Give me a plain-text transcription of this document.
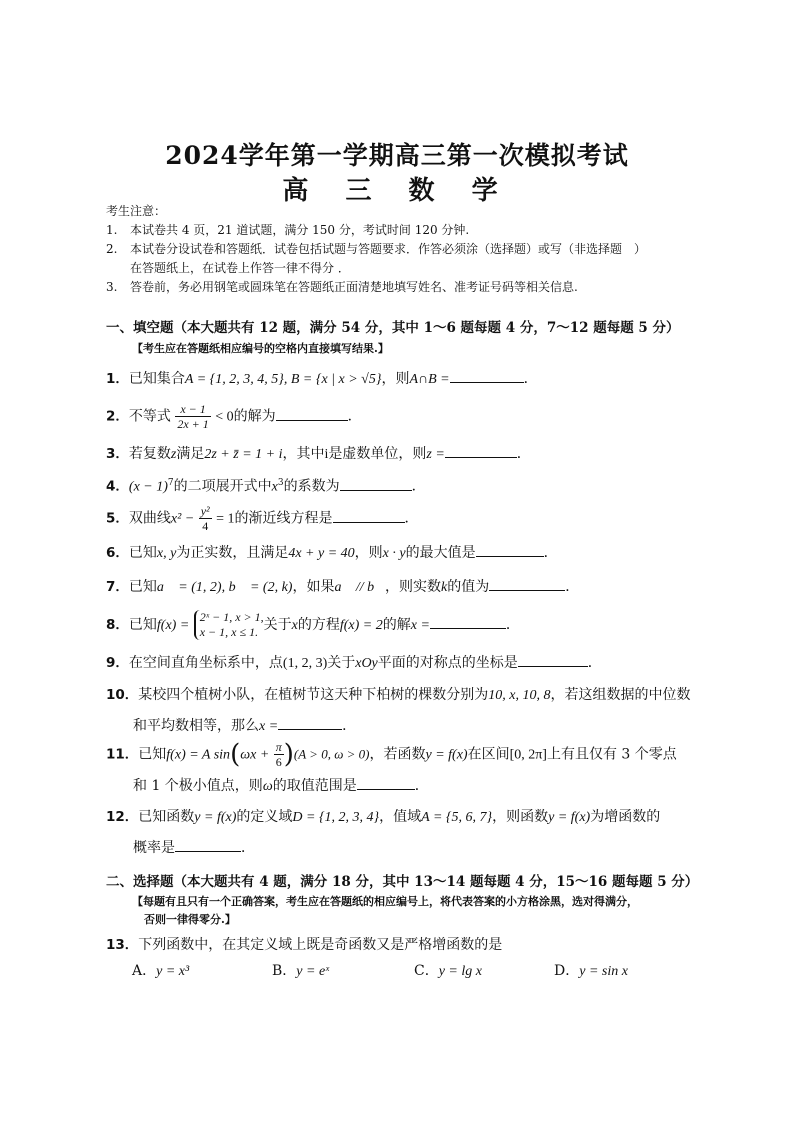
2024学年第一学期高三第一次模拟考试
高 三 数 学
考生注意：
1.	本试卷共 4 页，21 道试题，满分 150 分，考试时间 120 分钟.
2.	本试卷分设试卷和答题纸．试卷包括试题与答题要求．作答必须涂（选择题）或写（非选择题　）
在答题纸上，在试卷上作答一律不得分 ．
3.	答卷前，务必用钢笔或圆珠笔在答题纸正面清楚地填写姓名、准考证号码等相关信息.
一、填空题（本大题共有 12 题，满分 54 分，其中 1～6 题每题 4 分，7～12 题每题 5 分）
【考生应在答题纸相应编号的空格内直接填写结果.】
1．已知集合A = {1, 2, 3, 4, 5}, B = {x | x > √5}，则A∩B =	．
2．不等式 $\frac{x - 1}{2x + 1} < 0$的解为	．
3．若复数z满足2z + z̄ = 1 + i，其中i是虚数单位，则z =	．
4．$(x - 1)^7$的二项展开式中$x^3$的系数为	．
5．双曲线$x^2 - \frac{\text{y²}}{4} = 1$的渐近线方程是	．
6．已知x, y为正实数，且满足4x + y = 40，则x · y的最大值是	．
7．已知a⃗ = (1, 2), b⃗ = (2, k)，如果a⃗ // b⃗，则实数k的值为	．
8．已知f(x) =
2ˣ − 1, x > 1,
x − 1, x ≤ 1. 关于x的方程f(x) = 2的解x =	．
9．在空间直角坐标系中，点(1, 2, 3)关于xOy平面的对称点的坐标是	．
10．某校四个植树小队，在植树节这天种下柏树的棵数分别为10, x, 10, 8，若这组数据的中位数
和平均数相等，那么x =	．
11．已知f(x) = A $\sin(\omega x + \frac{\pi}{6} )(A > 0$, ω > 0)，若函数y = f(x)在区间[0, 2π]上有且仅有 3 个零点
和 1 个极小值点，则ω的取值范围是	．
12．已知函数y = f(x)的定义域D = {1, 2, 3, 4}，值域A = {5, 6, 7}，则函数y = f(x)为增函数的
概率是	．
二、选择题（本大题共有 4 题，满分 18 分，其中 13～14 题每题 4 分，15～16 题每题 5 分）
【每题有且只有一个正确答案，考生应在答题纸的相应编号上，将代表答案的小方格涂黑，选对得满分，
否则一律得零分.】
13．下列函数中，在其定义域上既是奇函数又是严格增函数的是
A．y = x³	B．y = eˣ	C．y = lg x	D．y = sin x
